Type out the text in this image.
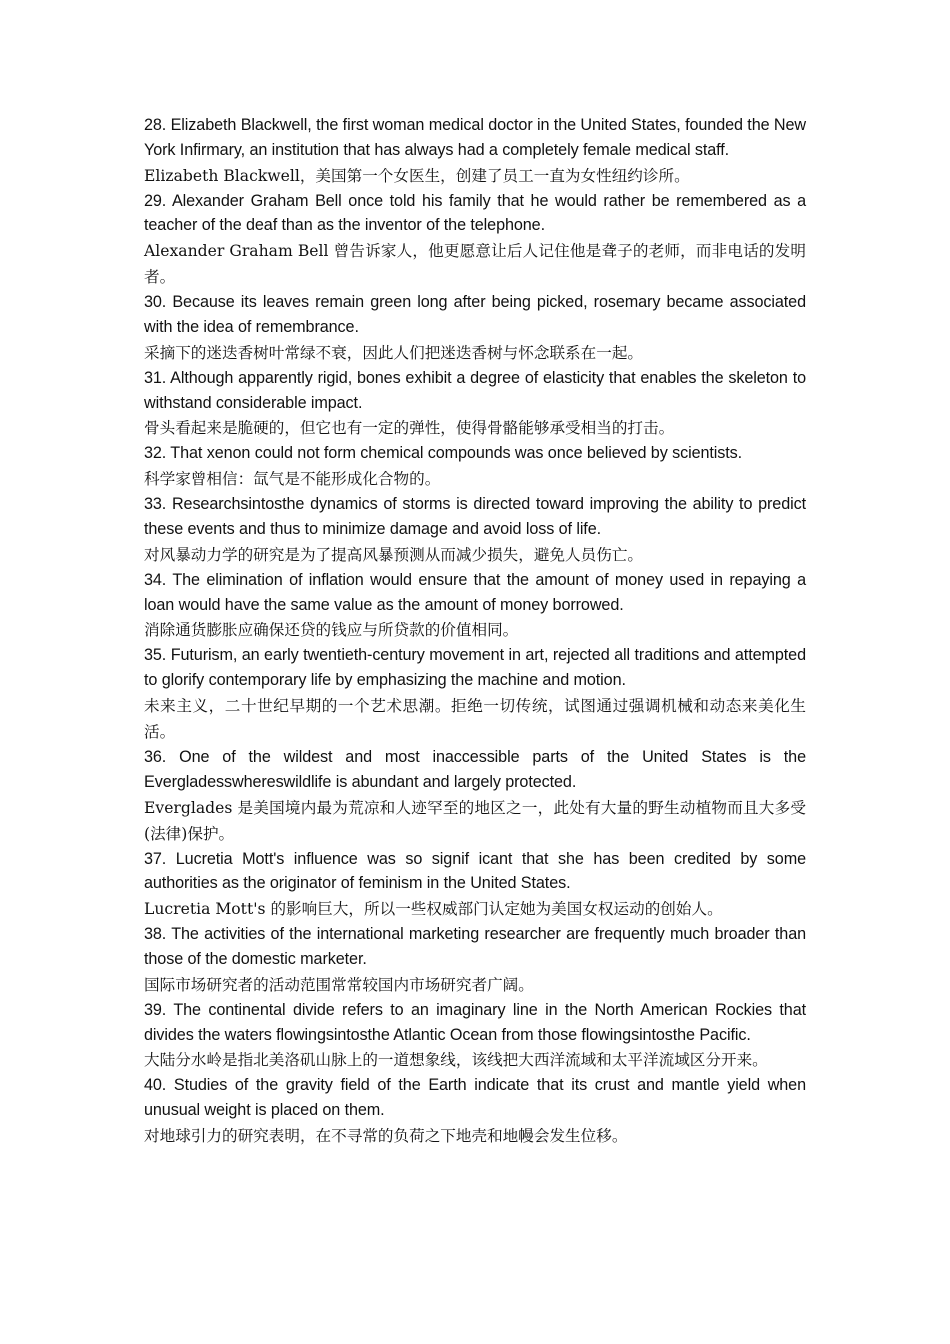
28. Elizabeth Blackwell, the first woman medical doctor in the United States, founded the New York Infirmary, an institution that has always had a completely female medical staff.

Elizabeth Blackwell，美国第一个女医生，创建了员工一直为女性纽约诊所。

29. Alexander Graham Bell once told his family that he would rather be remembered as a teacher of the deaf than as the inventor of the telephone.

Alexander Graham Bell 曾告诉家人，他更愿意让后人记住他是聋子的老师，而非电话的发明者。

30. Because its leaves remain green long after being picked, rosemary became associated with the idea of remembrance.

采摘下的迷迭香树叶常绿不衰，因此人们把迷迭香树与怀念联系在一起。

31. Although apparently rigid, bones exhibit a degree of elasticity that enables the skeleton to withstand considerable impact.

骨头看起来是脆硬的，但它也有一定的弹性，使得骨骼能够承受相当的打击。

32. That xenon could not form chemical compounds was once believed by scientists.

科学家曾相信：氙气是不能形成化合物的。

33. Researchsintosthe dynamics of storms is directed toward improving the ability to predict these events and thus to minimize damage and avoid loss of life.

对风暴动力学的研究是为了提高风暴预测从而减少损失，避免人员伤亡。

34. The elimination of inflation would ensure that the amount of money used in repaying a loan would have the same value as the amount of money borrowed.

消除通货膨胀应确保还贷的钱应与所贷款的价值相同。

35. Futurism, an early twentieth-century movement in art, rejected all traditions and attempted to glorify contemporary life by emphasizing the machine and motion.

未来主义，二十世纪早期的一个艺术思潮。拒绝一切传统，试图通过强调机械和动态来美化生活。

36. One of the wildest and most inaccessible parts of the United States is the Evergladesswhereswildlife is abundant and largely protected.

Everglades 是美国境内最为荒凉和人迹罕至的地区之一，此处有大量的野生动植物而且大多受(法律)保护。

37. Lucretia Mott's influence was so signif icant that she has been credited by some authorities as the originator of feminism in the United States.

Lucretia Mott's 的影响巨大，所以一些权威部门认定她为美国女权运动的创始人。

38. The activities of the international marketing researcher are frequently much broader than those of the domestic marketer.

国际市场研究者的活动范围常常较国内市场研究者广阔。

39. The continental divide refers to an imaginary line in the North American Rockies that divides the waters flowingsintosthe Atlantic Ocean from those flowingsintosthe Pacific.

大陆分水岭是指北美洛矶山脉上的一道想象线，该线把大西洋流域和太平洋流域区分开来。

40. Studies of the gravity field of the Earth indicate that its crust and mantle yield when unusual weight is placed on them.

对地球引力的研究表明，在不寻常的负荷之下地壳和地幔会发生位移。
